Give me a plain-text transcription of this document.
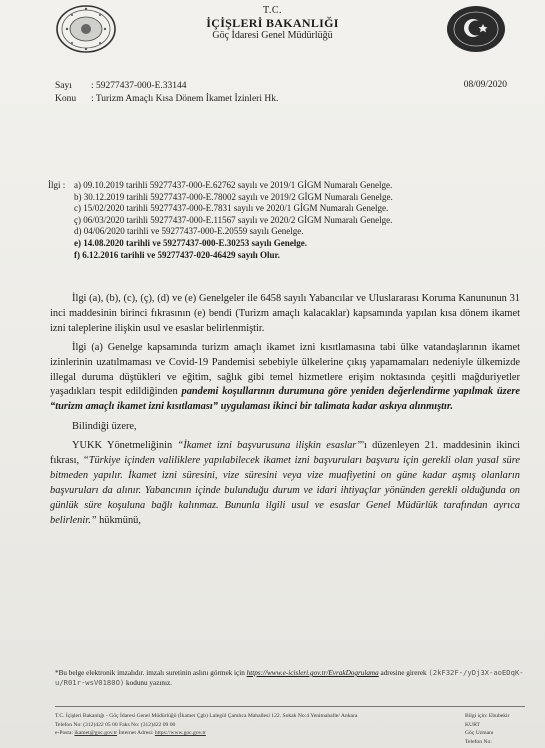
T.C.
İÇİŞLERİ BAKANLIĞI
Göç İdaresi Genel Müdürlüğü
Sayı : 59277437-000-E.33144
Konu : Turizm Amaçlı Kısa Dönem İkamet İzinleri Hk.
08/09/2020
İlgi : a) 09.10.2019 tarihli 59277437-000-E.62762 sayılı ve 2019/1 GİGM Numaralı Genelge.
b) 30.12.2019 tarihli 59277437-000-E.78002 sayılı ve 2019/2 GİGM Numaralı Genelge.
c) 15/02/2020 tarihli 59277437-000-E.7831 sayılı ve 2020/1 GİGM Numaralı Genelge.
ç) 06/03/2020 tarihli 59277437-000-E.11567 sayılı ve 2020/2 GİGM Numaralı Genelge.
d) 04/06/2020 tarihli ve 59277437-000-E.20559 sayılı Genelge.
e) 14.08.2020 tarihli ve 59277437-000-E.30253 sayılı Genelge.
f) 6.12.2016 tarihli ve 59277437-020-46429 sayılı Olur.

İlgi (a), (b), (c), (ç), (d) ve (e) Genelgeler ile 6458 sayılı Yabancılar ve Uluslararası Koruma Kanununun 31 inci maddesinin birinci fıkrasının (e) bendi (Turizm amaçlı kalacaklar) kapsamında yapılan kısa dönem ikamet izni taleplerine ilişkin usul ve esaslar belirlenmiştir.

İlgi (a) Genelge kapsamında turizm amaçlı ikamet izni kısıtlamasına tabi ülke vatandaşlarının ikamet izinlerinin uzatılmaması ve Covid-19 Pandemisi sebebiyle ülkelerine çıkış yapamamaları nedeniyle ülkemizde illegal duruma düştükleri ve eğitim, sağlık gibi temel hizmetlere erişim noktasında çeşitli mağduriyetler yaşadıkları tespit edildiğinden pandemi koşullarının durumuna göre yeniden değerlendirme yapılmak üzere “turizm amaçlı ikamet izni kısıtlaması” uygulaması ikinci bir talimata kadar askıya alınmıştır.

Bilindiği üzere,

YUKK Yönetmeliğinin “İkamet izni başvurusuna ilişkin esaslar”'ı düzenleyen 21. maddesinin ikinci fıkrası, “Türkiye içinden valiliklere yapılabilecek ikamet izni başvuruları başvuru için gerekli olan yasal süre bitmeden yapılır. İkamet izni süresini, vize süresini veya vize muafiyetini on güne kadar aşmış olanların başvuruları da alınır. Yabancının içinde bulunduğu durum ve idari ihtiyaçlar yönünden gerekli olduğunda on günlük süre koşuluna bağlı kalınmaz. Bununla ilgili usul ve esaslar Genel Müdürlük tarafından ayrıca belirlenir.” hükmünü,

*Bu belge elektronik imzalıdır. imzalı suretinin aslını görmek için https://www.e-icisleri.gov.tr/EvrakDogrulama adresine girerek (2kF32F-/yDj3X-aoEDqK-u/R01r-wsV0180O) kodunu yazınız.
T.C. İçişleri Bakanlığı - Göç İdaresi Genel Müdürlüğü (İkamet Çgb) Lalegül Çamlıca Mahallesi 122. Sokak No:4 Yenimahalle/ Ankara
Telefon No: (312)422 05 00 Faks No: (312)422 09 00
e-Posta: ikamet@goc.gov.tr İnternet Adresi: https://www.goc.gov.tr
Bilgi için: Ebubekir KURT
Göç Uzmanı
Telefon No:
